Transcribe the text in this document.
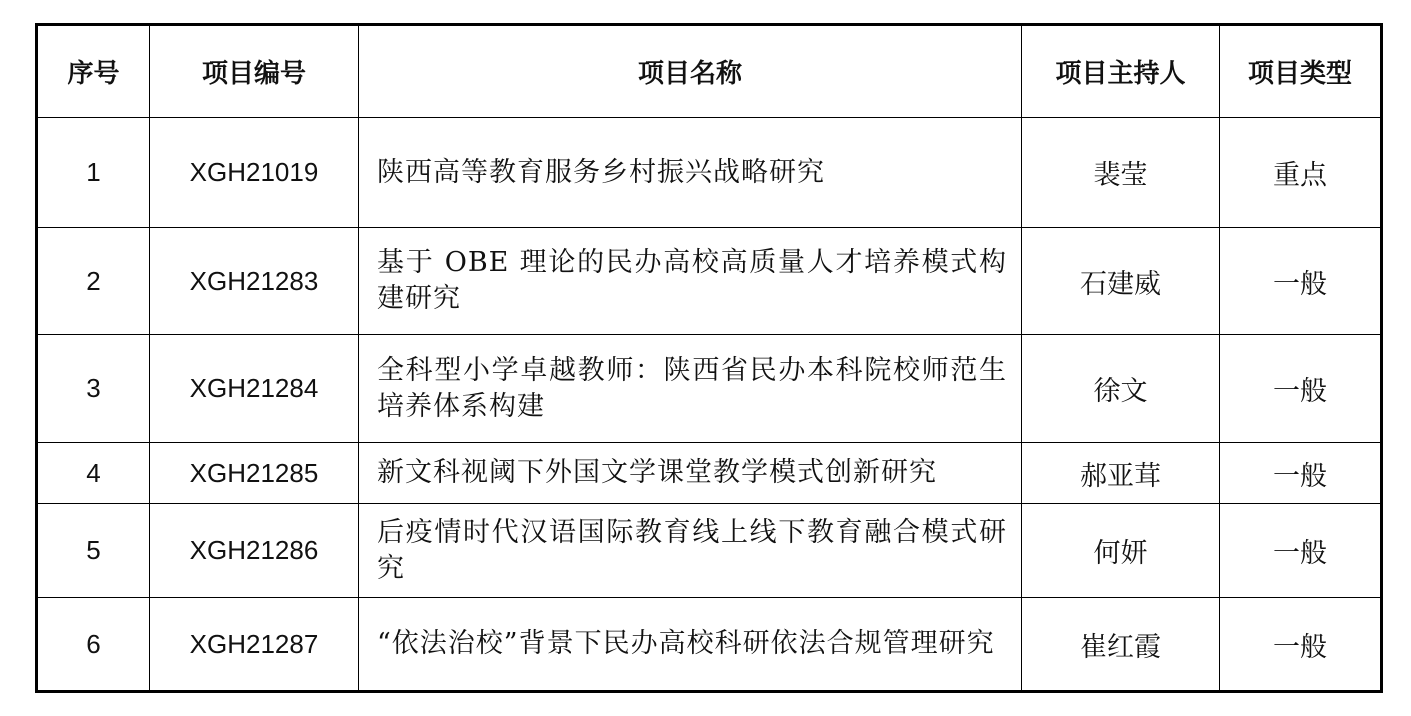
序号	项目编号	项目名称	项目主持人	项目类型
1	XGH21019	陕西高等教育服务乡村振兴战略研究	裴莹	重点
2	XGH21283	基于 OBE 理论的民办高校高质量人才培养模式构建研究	石建威	一般
3	XGH21284	全科型小学卓越教师：陕西省民办本科院校师范生培养体系构建	徐文	一般
4	XGH21285	新文科视阈下外国文学课堂教学模式创新研究	郝亚茸	一般
5	XGH21286	后疫情时代汉语国际教育线上线下教育融合模式研究	何妍	一般
6	XGH21287	“依法治校”背景下民办高校科研依法合规管理研究	崔红霞	一般
